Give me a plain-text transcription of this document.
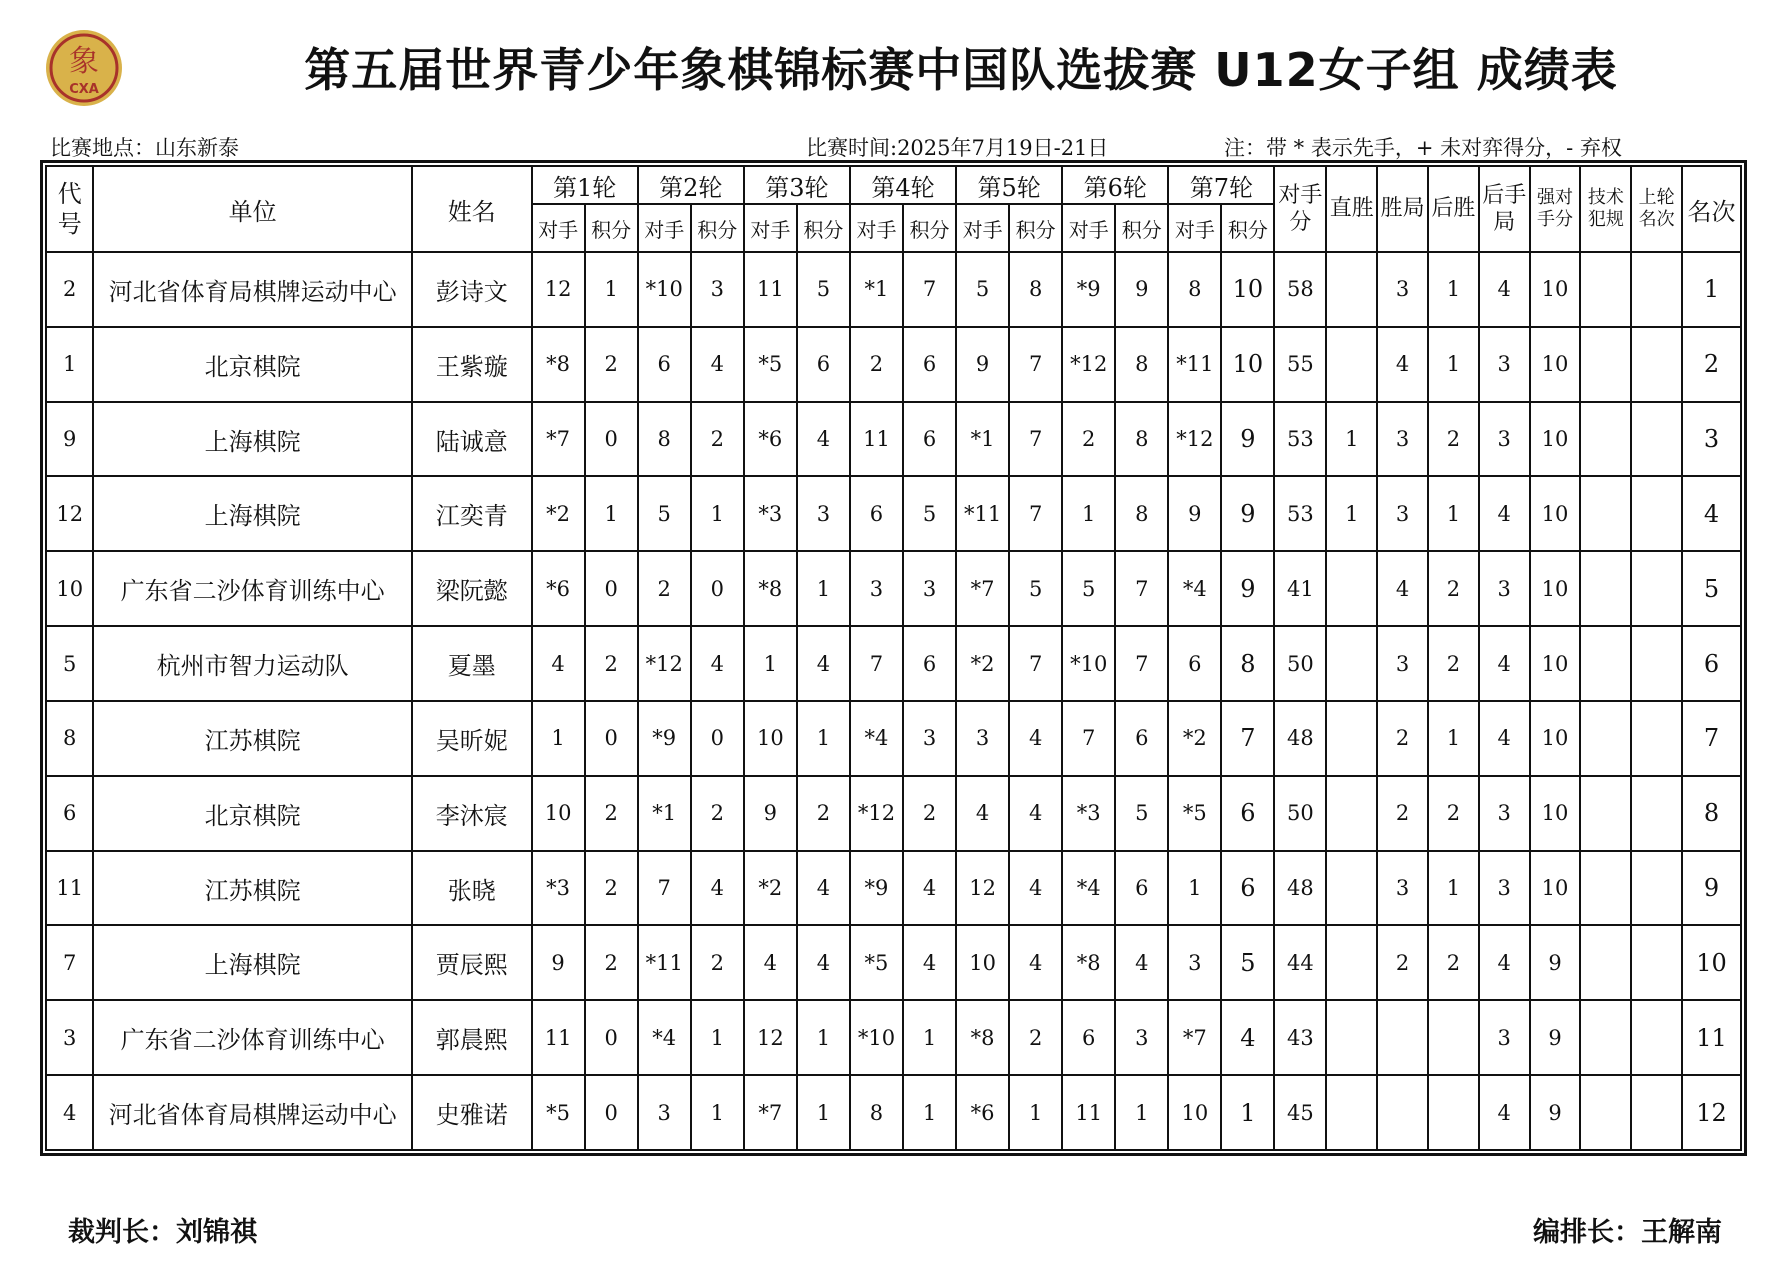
象
CXA	第五届世界青少年象棋锦标赛中国队选拔赛 U12女子组 成绩表
比赛地点：山东新泰	比赛时间:2025年7月19日-21日	注：带 * 表示先手，+ 未对弈得分，- 弃权
代号	单位	姓名	第1轮		第2轮		第3轮		第4轮		第5轮		第6轮		第7轮		对手分	直胜	胜局	后胜	后手局	强对手分	技术犯规	上轮名次	名次
			对手	积分	对手	积分	对手	积分	对手	积分	对手	积分	对手	积分	对手	积分									
2	河北省体育局棋牌运动中心	彭诗文	12	1	*10	3	11	5	*1	7	5	8	*9	9	8	10	58		3	1	4	10			1
1	北京棋院	王紫璇	*8	2	6	4	*5	6	2	6	9	7	*12	8	*11	10	55		4	1	3	10			2
9	上海棋院	陆诚意	*7	0	8	2	*6	4	11	6	*1	7	2	8	*12	9	53	1	3	2	3	10			3
12	上海棋院	江奕青	*2	1	5	1	*3	3	6	5	*11	7	1	8	9	9	53	1	3	1	4	10			4
10	广东省二沙体育训练中心	梁阮懿	*6	0	2	0	*8	1	3	3	*7	5	5	7	*4	9	41		4	2	3	10			5
5	杭州市智力运动队	夏墨	4	2	*12	4	1	4	7	6	*2	7	*10	7	6	8	50		3	2	4	10			6
8	江苏棋院	吴昕妮	1	0	*9	0	10	1	*4	3	3	4	7	6	*2	7	48		2	1	4	10			7
6	北京棋院	李沐宸	10	2	*1	2	9	2	*12	2	4	4	*3	5	*5	6	50		2	2	3	10			8
11	江苏棋院	张晓	*3	2	7	4	*2	4	*9	4	12	4	*4	6	1	6	48		3	1	3	10			9
7	上海棋院	贾辰熙	9	2	*11	2	4	4	*5	4	10	4	*8	4	3	5	44		2	2	4	9			10
3	广东省二沙体育训练中心	郭晨熙	11	0	*4	1	12	1	*10	1	*8	2	6	3	*7	4	43				3	9			11
4	河北省体育局棋牌运动中心	史雅诺	*5	0	3	1	*7	1	8	1	*6	1	11	1	10	1	45				4	9			12
裁判长：刘锦祺	编排长：王解南
